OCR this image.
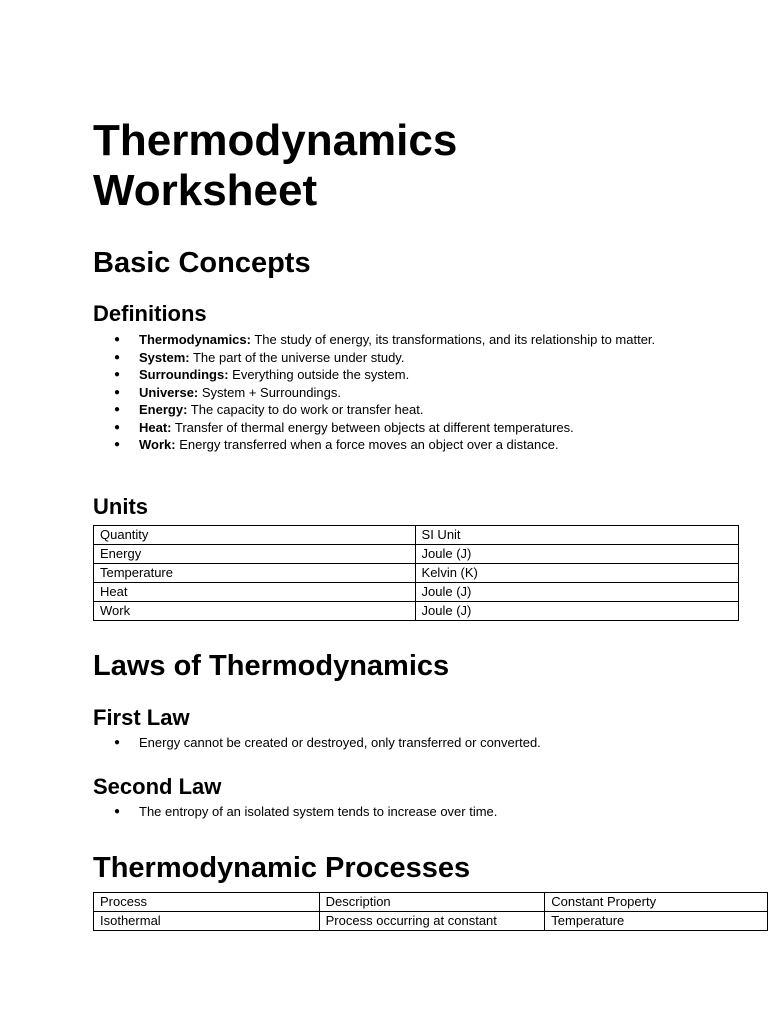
Thermodynamics
Worksheet
Basic Concepts
Definitions
● Thermodynamics: The study of energy, its transformations, and its relationship to matter.
● System: The part of the universe under study.
● Surroundings: Everything outside the system.
● Universe: System + Surroundings.
● Energy: The capacity to do work or transfer heat.
● Heat: Transfer of thermal energy between objects at different temperatures.
● Work: Energy transferred when a force moves an object over a distance.
Units
Quantity	SI Unit
Energy	Joule (J)
Temperature	Kelvin (K)
Heat	Joule (J)
Work	Joule (J)
Laws of Thermodynamics
First Law
● Energy cannot be created or destroyed, only transferred or converted.
Second Law
● The entropy of an isolated system tends to increase over time.
Thermodynamic Processes
Process	Description	Constant Property
Isothermal	Process occurring at constant	Temperature
